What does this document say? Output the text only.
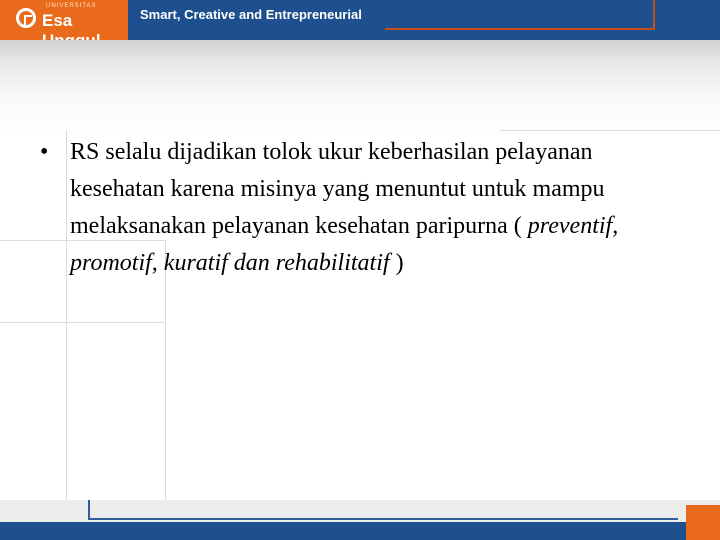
UNIVERSITAS
Esa	Smart, Creative and Entrepreneurial
• RS selalu dijadikan tolok ukur keberhasilan pelayanan kesehatan karena misinya yang menuntut untuk mampu melaksanakan pelayanan kesehatan paripurna ( preventif, promotif, kuratif dan rehabilitatif )
